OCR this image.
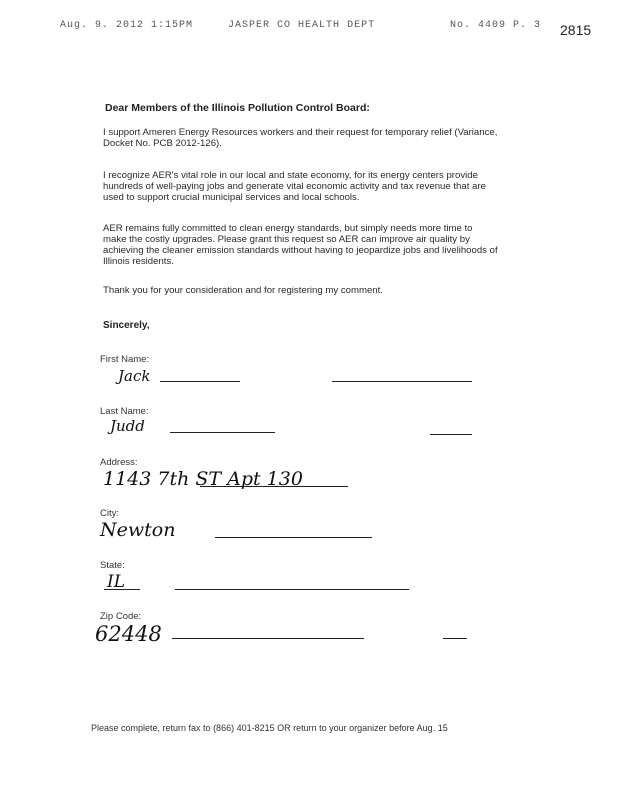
Aug. 9. 2012 1:15PM	JASPER CO HEALTH DEPT	No. 4409 P. 3 2815
Dear Members of the Illinois Pollution Control Board:
I support Ameren Energy Resources workers and their request for temporary relief (Variance, Docket No. PCB 2012-126).
I recognize AER's vital role in our local and state economy, for its energy centers provide hundreds of well-paying jobs and generate vital economic activity and tax revenue that are used to support crucial municipal services and local schools.
AER remains fully committed to clean energy standards, but simply needs more time to make the costly upgrades. Please grant this request so AER can improve air quality by achieving the cleaner emission standards without having to jeopardize jobs and livelihoods of Illinois residents.
Thank you for your consideration and for registering my comment.
Sincerely,
First Name:
Jack
Last Name:
Judd
Address:
1143 7th ST Apt 130
City:
Newton
State:
IL
Zip Code:
62448
Please complete, return fax to (866) 401-8215 OR return to your organizer before Aug. 15
